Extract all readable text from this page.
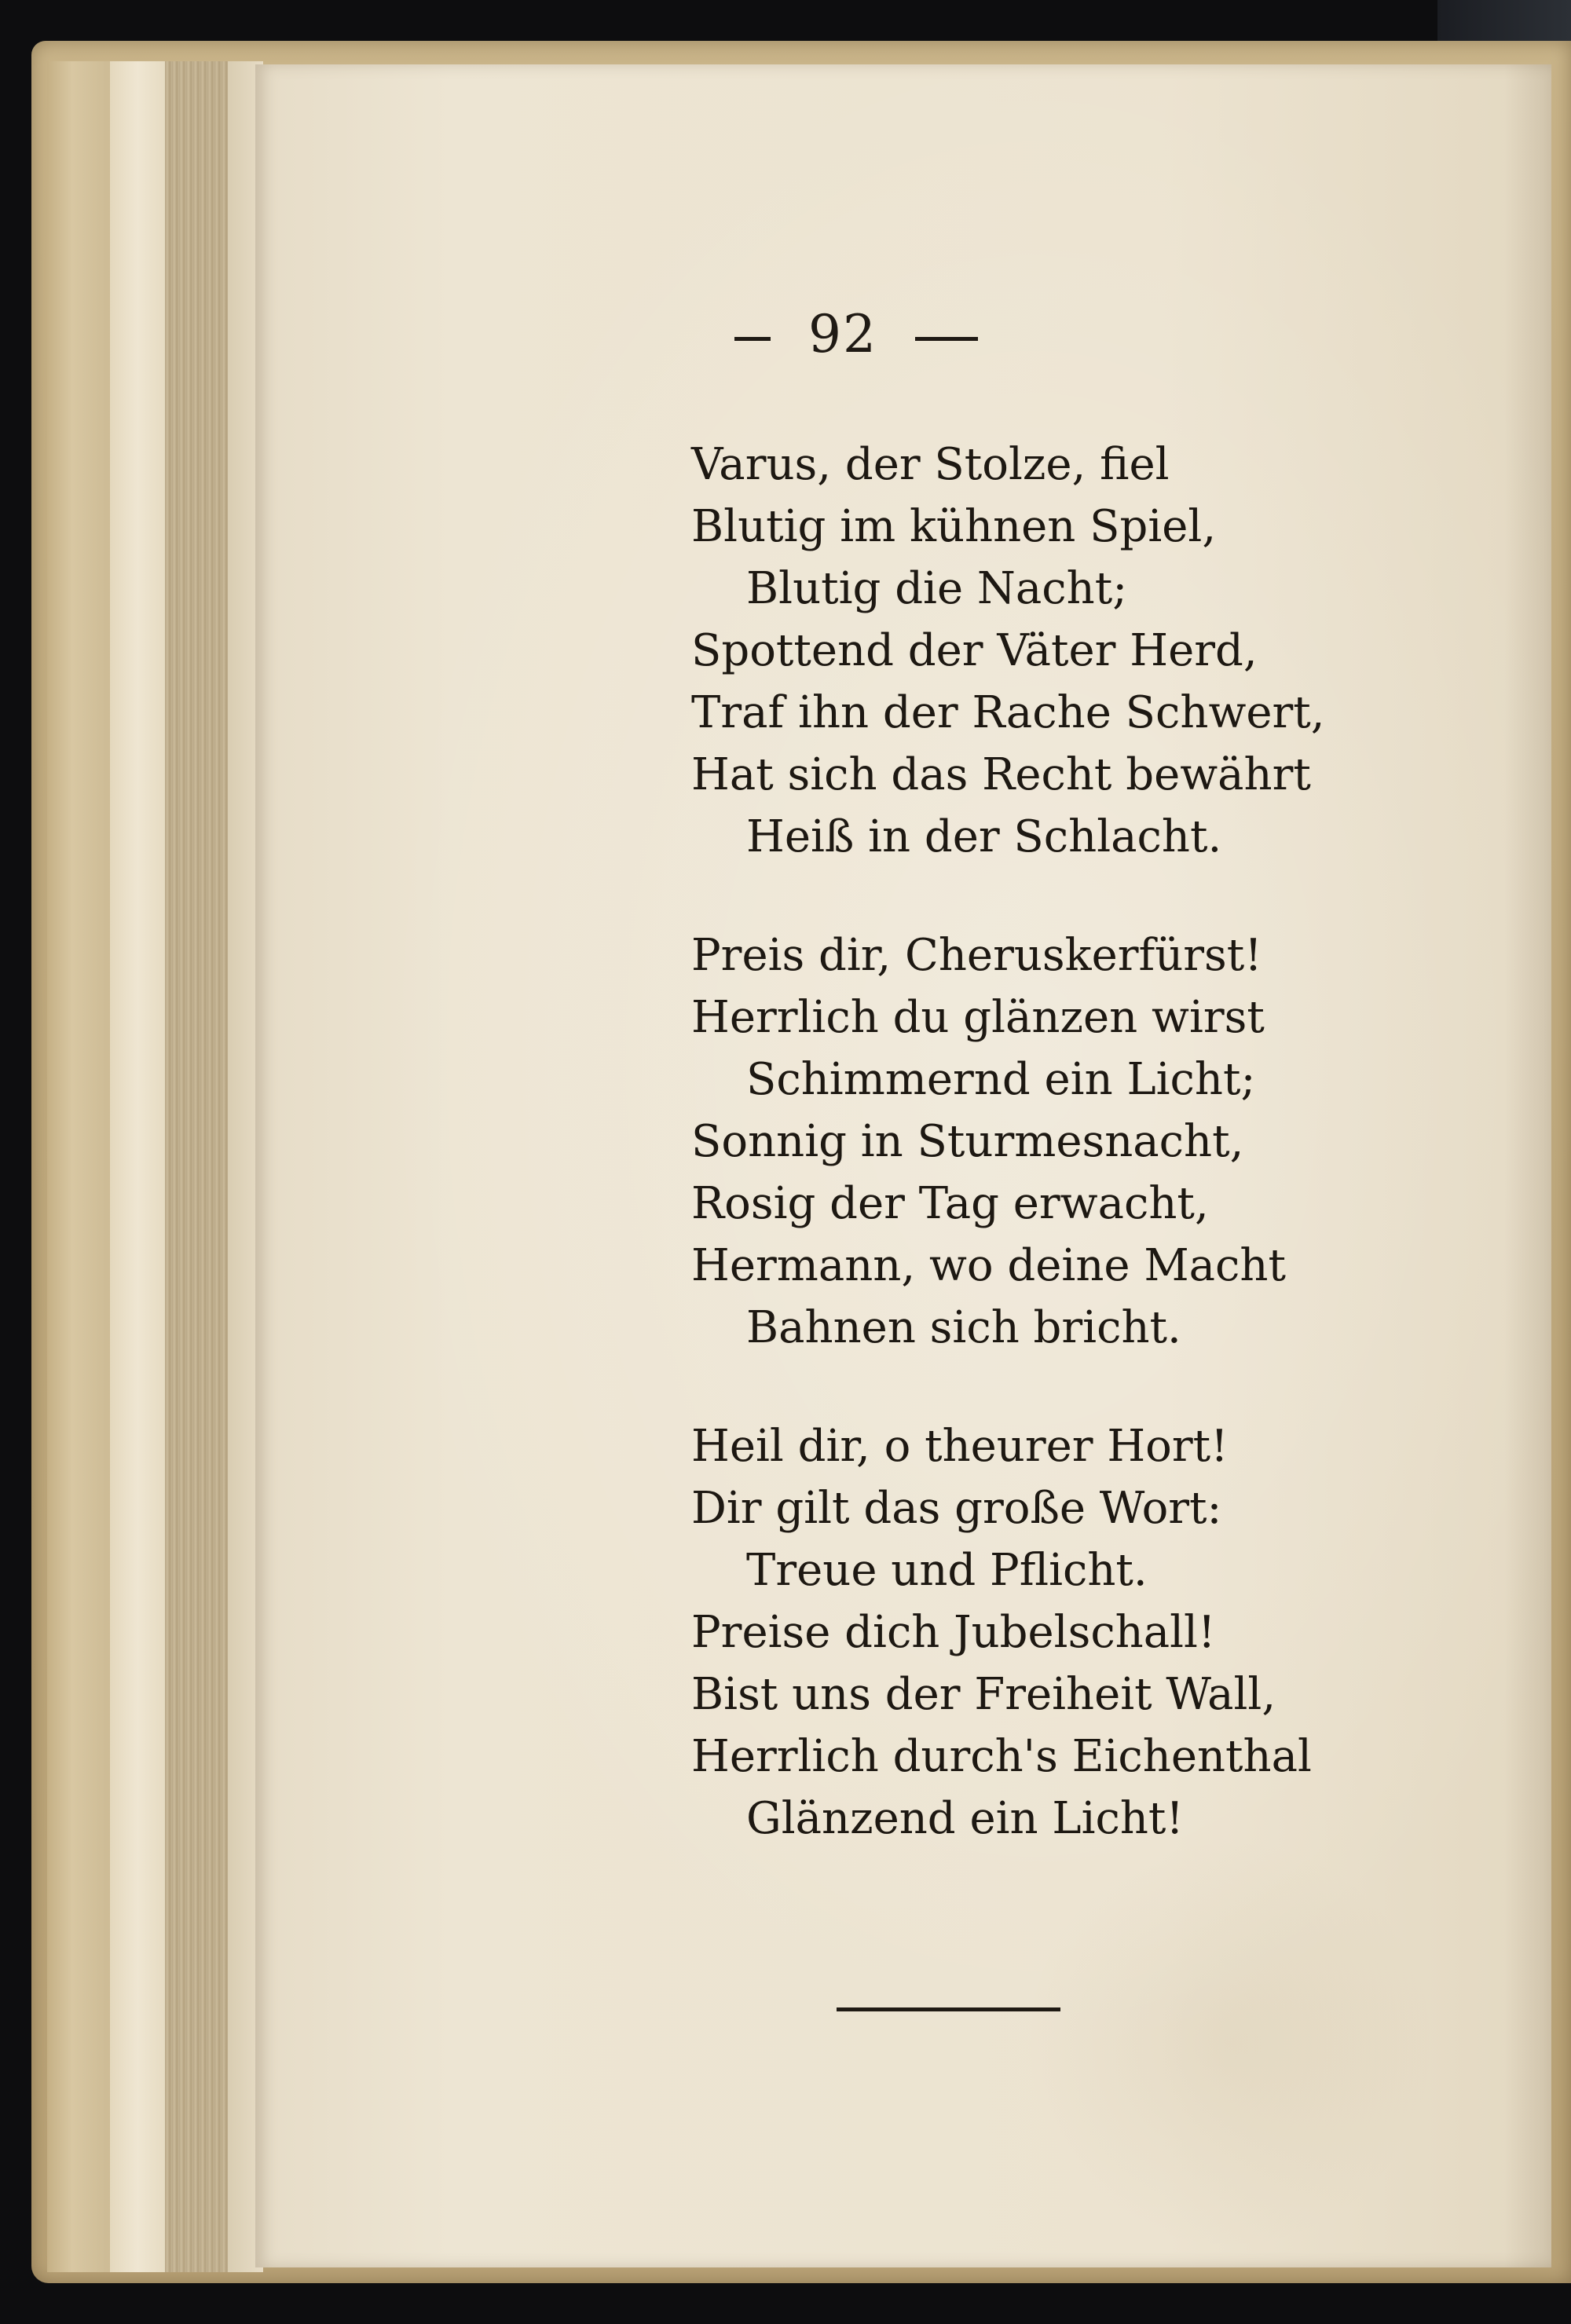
92
Varus, der Stolze, fiel
Blutig im kühnen Spiel,
Blutig die Nacht;
Spottend der Väter Herd,
Traf ihn der Rache Schwert,
Hat sich das Recht bewährt
Heiß in der Schlacht.
Preis dir, Cheruskerfürst!
Herrlich du glänzen wirst
Schimmernd ein Licht;
Sonnig in Sturmesnacht,
Rosig der Tag erwacht,
Hermann, wo deine Macht
Bahnen sich bricht.
Heil dir, o theurer Hort!
Dir gilt das große Wort:
Treue und Pflicht.
Preise dich Jubelschall!
Bist uns der Freiheit Wall,
Herrlich durch's Eichenthal
Glänzend ein Licht!
